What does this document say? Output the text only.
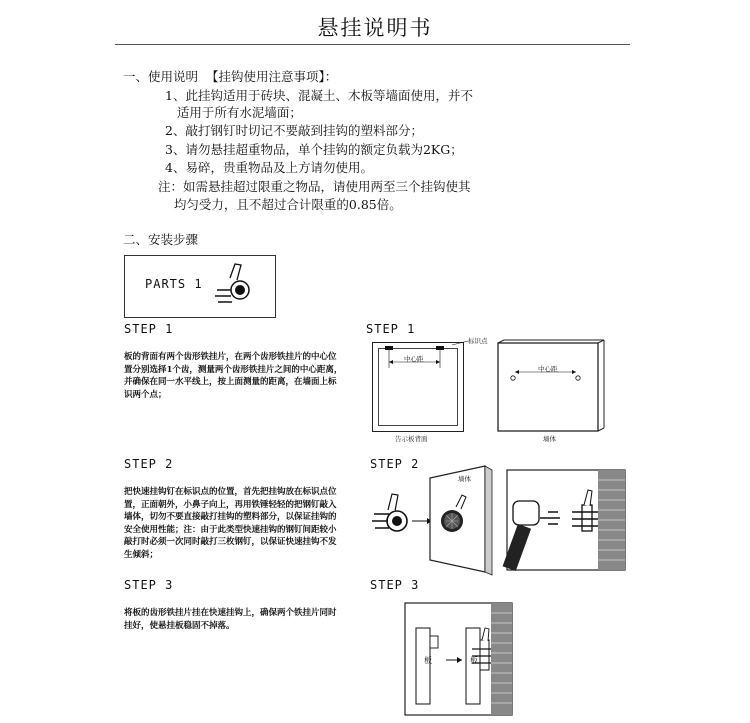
悬挂说明书
一、使用说明  【挂钩使用注意事项】：
1、此挂钩适用于砖块、混凝土、木板等墙面使用，并不
适用于所有水泥墙面；
2、敲打钢钉时切记不要敲到挂钩的塑料部分；
3、请勿悬挂超重物品，单个挂钩的额定负载为2KG；
4、易碎，贵重物品及上方请勿使用。
注：如需悬挂超过限重之物品，请使用两至三个挂钩使其
均匀受力，且不超过合计限重的0.85倍。
二、安装步骤
PARTS 1
STEP 1	STEP 1
板的背面有两个齿形铁挂片，在两个齿形铁挂片的中心位
置分别选择1个齿，测量两个齿形铁挂片之间的中心距离，
并确保在同一水平线上，按上面测量的距离，在墙面上标
识两个点；
中心距
标识点
中心距
告示板背面	墙体
STEP 2	STEP 2
把快速挂钩钉在标识点的位置，首先把挂钩放在标识点位
置，正面朝外，小鼻子向上，再用铁锤轻轻的把钢钉敲入
墙体，切勿不要直接敲打挂钩的塑料部分，以保证挂钩的
安全使用性能；注：由于此类型快速挂钩的钢钉间距较小
敲打时必须一次同时敲打三枚钢钉，以保证快速挂钩不发
生倾斜；
墙体
STEP 3	STEP 3
将板的齿形铁挂片挂在快速挂钩上，确保两个铁挂片同时
挂好，使悬挂板稳固不掉落。
板	板
